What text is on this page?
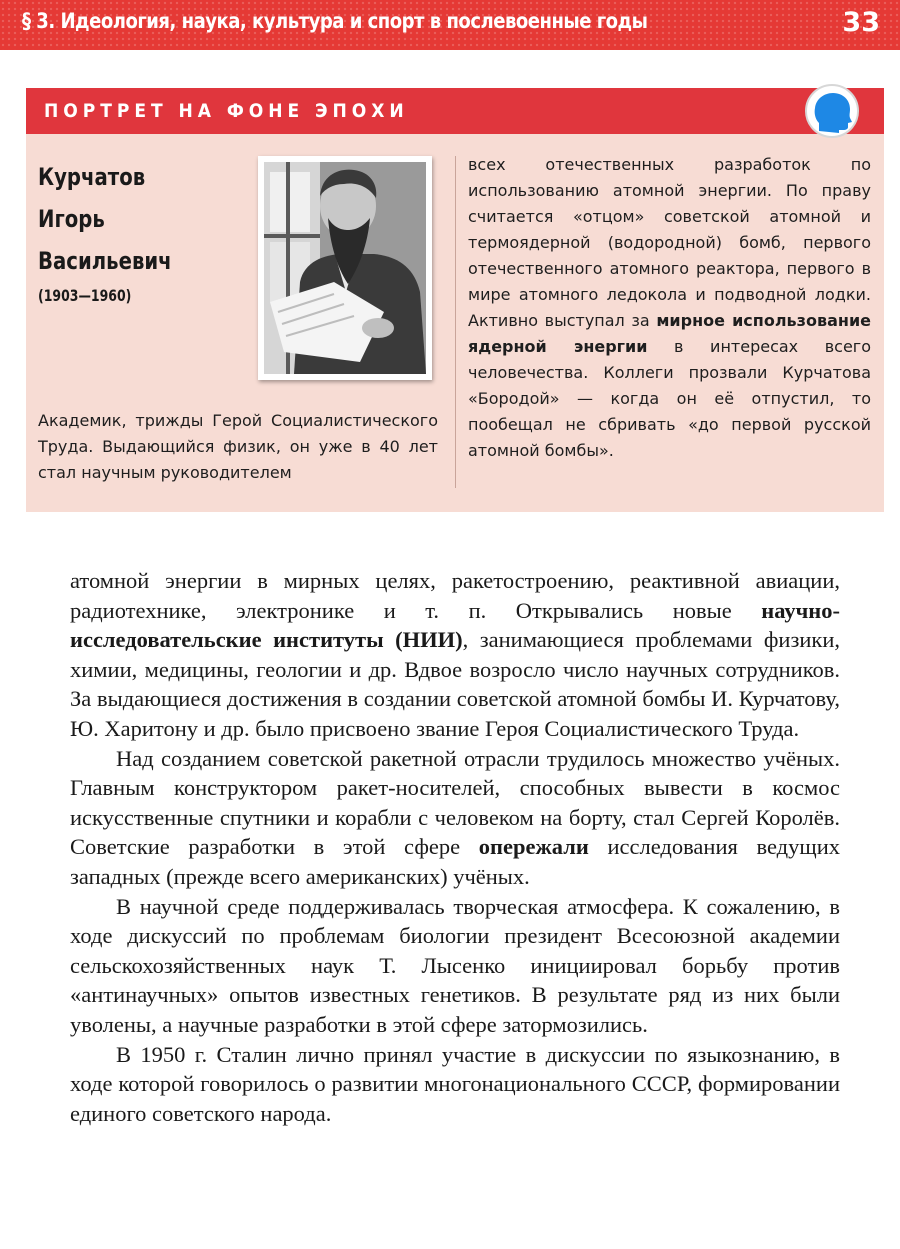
§ 3. Идеология, наука, культура и спорт в послевоенные годы	33
ПОРТРЕТ НА ФОНЕ ЭПОХИ
Курчатов
Игорь
Васильевич
(1903—1960)
Академик, трижды Герой Социалистического Труда. Выдающийся физик, он уже в 40 лет стал научным руководителем
всех отечественных разработок по использованию атомной энергии. По праву считается «отцом» советской атомной и термоядерной (водородной) бомб, первого отечественного атомного реактора, первого в мире атомного ледокола и подводной лодки. Активно выступал за мирное использование ядерной энергии в интересах всего человечества. Коллеги прозвали Курчатова «Бородой» — когда он её отпустил, то пообещал не сбривать «до первой русской атомной бомбы».

атомной энергии в мирных целях, ракетостроению, реактивной авиации, радиотехнике, электронике и т. п. Открывались новые научно-исследовательские институты (НИИ), занимающиеся проблемами физики, химии, медицины, геологии и др. Вдвое возросло число научных сотрудников. За выдающиеся достижения в создании советской атомной бомбы И. Курчатову, Ю. Харитону и др. было присвоено звание Героя Социалистического Труда.

Над созданием советской ракетной отрасли трудилось множество учёных. Главным конструктором ракет-носителей, способных вывести в космос искусственные спутники и корабли с человеком на борту, стал Сергей Королёв. Советские разработки в этой сфере опережали исследования ведущих западных (прежде всего американских) учёных.

В научной среде поддерживалась творческая атмосфера. К сожалению, в ходе дискуссий по проблемам биологии президент Всесоюзной академии сельскохозяйственных наук Т. Лысенко инициировал борьбу против «антинаучных» опытов известных генетиков. В результате ряд из них были уволены, а научные разработки в этой сфере затормозились.

В 1950 г. Сталин лично принял участие в дискуссии по языкознанию, в ходе которой говорилось о развитии многонационального СССР, формировании единого советского народа.
